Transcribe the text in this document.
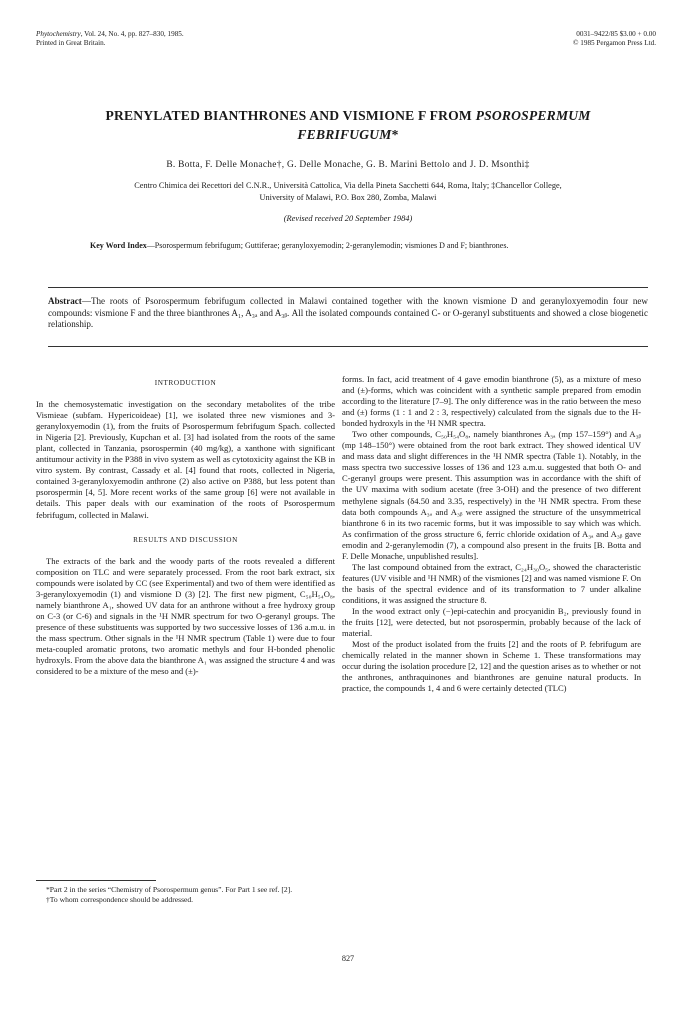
Phytochemistry, Vol. 24, No. 4, pp. 827–830, 1985.
Printed in Great Britain.
0031–9422/85 $3.00 + 0.00
© 1985 Pergamon Press Ltd.
PRENYLATED BIANTHRONES AND VISMIONE F FROM PSOROSPERMUM
FEBRIFUGUM*
B. Botta, F. Delle Monache†, G. Delle Monache, G. B. Marini Bettolo and J. D. Msonthi‡
Centro Chimica dei Recettori del C.N.R., Università Cattolica, Via della Pineta Sacchetti 644, Roma, Italy; ‡Chancellor College,
University of Malawi, P.O. Box 280, Zomba, Malawi
(Revised received 20 September 1984)
Key Word Index—Psorospermum febrifugum; Guttiferae; geranyloxyemodin; 2-geranylemodin; vismiones D and F; bianthrones.
Abstract—The roots of Psorospermum febrifugum collected in Malawi contained together with the known vismione D and geranyloxyemodin four new compounds: vismione F and the three bianthrones A₁, A₃ₐ and A₃ᵦ. All the isolated compounds contained C- or O-geranyl substituents and showed a close biogenetic relationship.
INTRODUCTION

In the chemosystematic investigation on the secondary metabolites of the tribe Vismieae (subfam. Hypericoideae) [1], we isolated three new vismiones and 3-geranyloxyemodin (1), from the fruits of Psorospermum febrifugum Spach. collected in Nigeria [2]. Previously, Kupchan et al. [3] had isolated from the roots of the same plant, collected in Tanzania, psorospermin (40 mg/kg), a xanthone with significant antitumour activity in the P388 in vivo system as well as cytotoxicity against the KB in vitro system. By contrast, Cassady et al. [4] found that roots, collected in Nigeria, contained 3-geranyloxyemodin anthrone (2) also active on P388, but less potent than psorospermin [4, 5]. More recent works of the same group [6] were not available in details. This paper deals with our examination of the roots of Psorospermum febrifugum, collected in Malawi.

RESULTS AND DISCUSSION

The extracts of the bark and the woody parts of the roots revealed a different composition on TLC and were separately processed. From the root bark extract, six compounds were isolated by CC (see Experimental) and two of them were identified as 3-geranyloxyemodin (1) and vismione D (3) [2]. The first new pigment, C₅₀H₅₄O₈, namely bianthrone A₁, showed UV data for an anthrone without a free hydroxy group on C-3 (or C-6) and signals in the ¹H NMR spectrum for two O-geranyl groups. The presence of these substituents was supported by two successive losses of 136 a.m.u. in the mass spectrum. Other signals in the ¹H NMR spectrum (Table 1) were due to four meta-coupled aromatic protons, two aromatic methyls and four H-bonded phenolic hydroxyls. From the above data the bianthrone A₁ was assigned the structure 4 and was considered to be a mixture of the meso and (±)-

*Part 2 in the series “Chemistry of Psorospermum genus”. For Part 1 see ref. [2].

†To whom correspondence should be addressed.

forms. In fact, acid treatment of 4 gave emodin bianthrone (5), as a mixture of meso and (±)-forms, which was coincident with a synthetic sample prepared from emodin according to the literature [7–9]. The only difference was in the ratio between the meso and (±) forms (1 : 1 and 2 : 3, respectively) calculated from the signals due to the H-bonded hydroxyls in the ¹H NMR spectra.

Two other compounds, C₅₀H₅₄O₈, namely bianthrones A₃ₐ (mp 157–159°) and A₃ᵦ (mp 148–150°) were obtained from the root bark extract. They showed identical UV and mass data and slight differences in the ¹H NMR spectra (Table 1). Notably, in the mass spectra two successive losses of 136 and 123 a.m.u. suggested that both O- and C-geranyl groups were present. This assumption was in accordance with the shift of the UV maxima with sodium acetate (free 3-OH) and the presence of two different methylene signals (δ4.50 and 3.35, respectively) in the ¹H NMR spectra. From these data both compounds A₃ₐ and A₃ᵦ were assigned the structure of the unsymmetrical bianthrone 6 in its two racemic forms, but it was impossible to say which was which. As confirmation of the gross structure 6, ferric chloride oxidation of A₃ₐ and A₃ᵦ gave emodin and 2-geranylemodin (7), a compound also present in the fruits [B. Botta and F. Delle Monache, unpublished results].

The last compound obtained from the extract, C₂₄H₃₀O₅, showed the characteristic features (UV visible and ¹H NMR) of the vismiones [2] and was named vismione F. On the basis of the spectral evidence and of its transformation to 7 under alkaline conditions, it was assigned the structure 8.

In the wood extract only (−)epi-catechin and procyanidin B₂, previously found in the fruits [12], were detected, but not psorospermin, probably because of the lack of material.

Most of the product isolated from the fruits [2] and the roots of P. febrifugum are chemically related in the manner shown in Scheme 1. These transformations may occur during the isolation procedure [2, 12] and the question arises as to whether or not the anthrones, anthraquinones and bianthrones are genuine natural products. In practice, the compounds 1, 4 and 6 were certainly detected (TLC)

827
